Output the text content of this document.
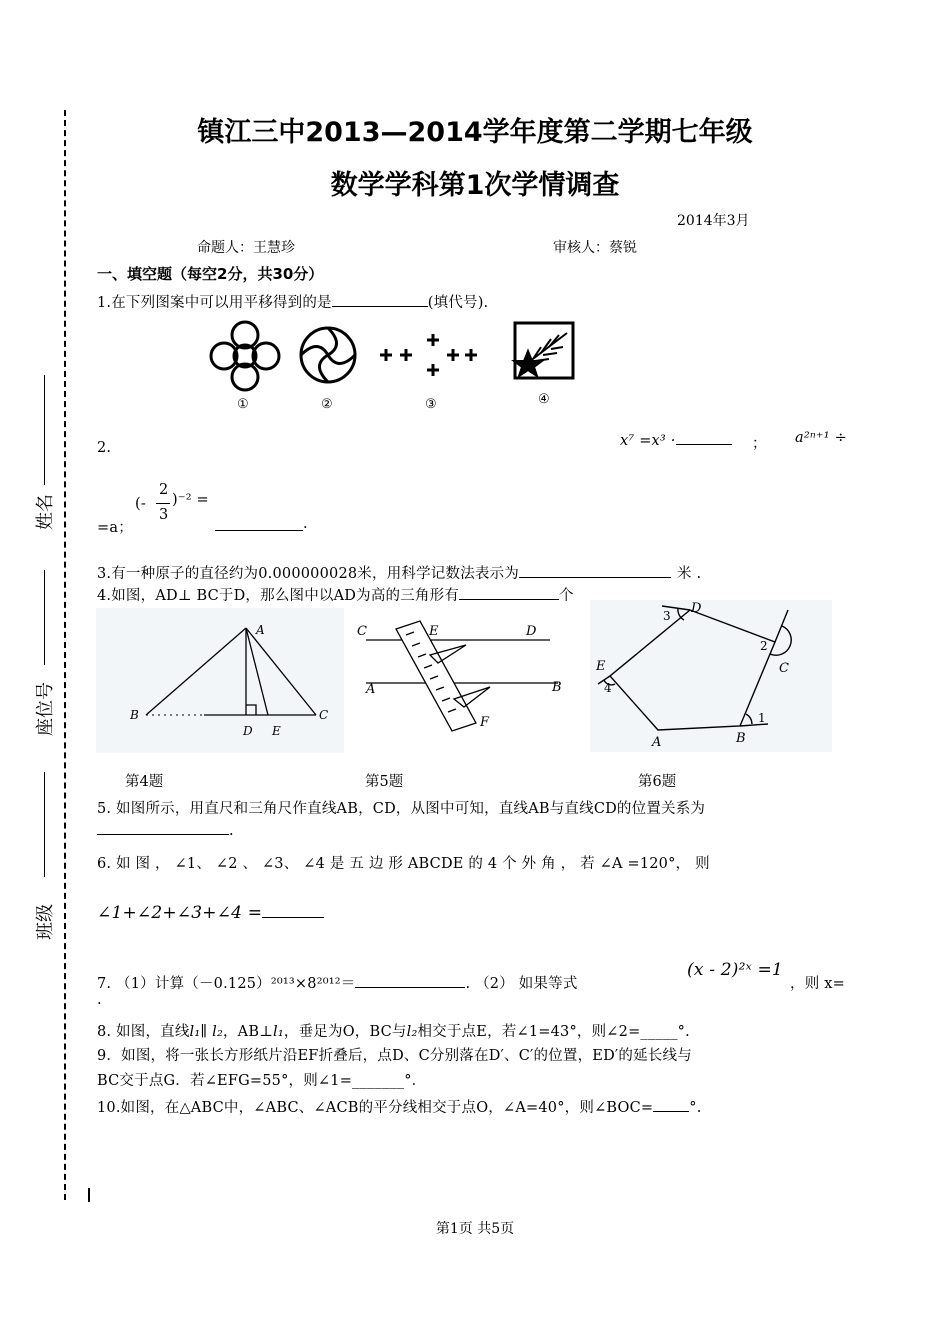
姓名
座位号
班级
镇江三中2013—2014学年度第二学期七年级
数学学科第1次学情调查
2014年3月
命题人：王慧珍	审核人：蔡锐
一、填空题（每空2分，共30分）
1.在下列图案中可以用平移得到的是	(填代号).
①	②	③	④
2.	x⁷ =x³ ·	； a²ⁿ⁺¹ ÷
=a；
(-
2
3
)⁻² =
.
3.有一种原子的直径约为0.000000028米，用科学记数法表示为	米 .
4.如图，AD⊥ BC于D，那么图中以AD为高的三角形有	个
A
B	C
D E
第4题
C	E	D
A	B
F
第5题
D
3
2
C
E
4
1
B
A
第6题
5. 如图所示，用直尺和三角尺作直线AB，CD，从图中可知，直线AB与直线CD的位置关系为
.
6. 如 图 ， ∠1、 ∠2 、 ∠3、 ∠4 是 五 边 形 ABCDE 的 4 个 外 角 ， 若 ∠A =120°， 则
∠1+∠2+∠3+∠4 =
7. （1）计算（－0.125）²⁰¹³×8²⁰¹²＝	. （2） 如果等式
(x - 2)²ˣ =1
，则 x=
.
8. 如图，直线l₁∥ l₂，AB⊥l₁，垂足为O，BC与l₂相交于点E，若∠1=43°，则∠2=_____°.
9．如图，将一张长方形纸片沿EF折叠后，点D、C分别落在D′、C′的位置，ED′的延长线与
BC交于点G．若∠EFG=55°，则∠1=_______°．
10.如图，在△ABC中，∠ABC、∠ACB的平分线相交于点O，∠A=40°，则∠BOC= °.
第1页 共5页
